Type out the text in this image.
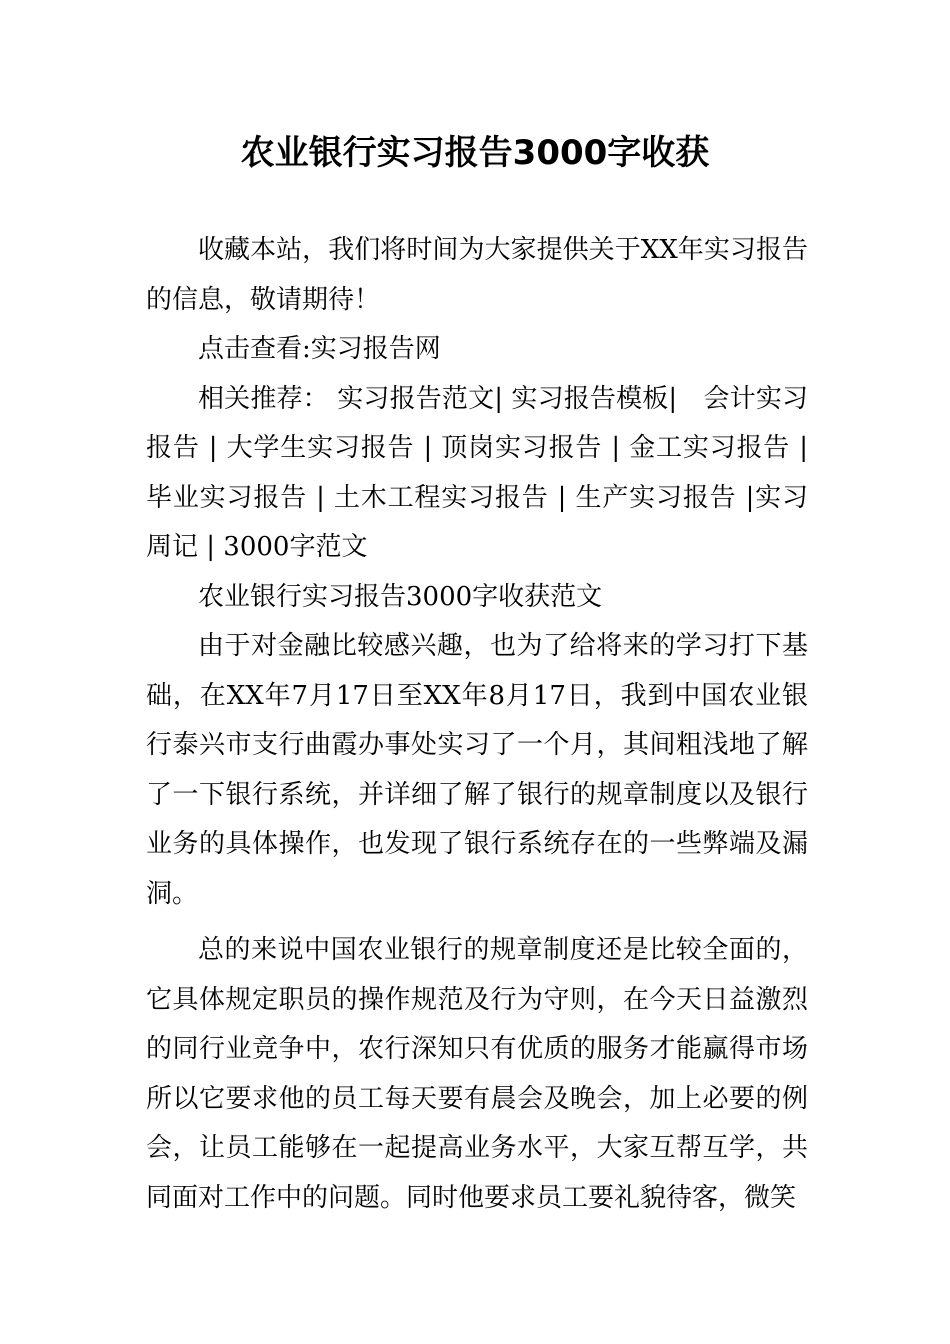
农业银行实习报告3000字收获

收藏本站，我们将时间为大家提供关于XX年实习报告的信息，敬请期待！

点击查看:实习报告网

相关推荐： 实习报告范文| 实习报告模板|　会计实习报告 | 大学生实习报告 | 顶岗实习报告 | 金工实习报告 | 毕业实习报告 | 土木工程实习报告 | 生产实习报告 |实习周记 | 3000字范文

农业银行实习报告3000字收获范文

由于对金融比较感兴趣，也为了给将来的学习打下基础，在XX年7月17日至XX年8月17日，我到中国农业银行泰兴市支行曲霞办事处实习了一个月，其间粗浅地了解了一下银行系统，并详细了解了银行的规章制度以及银行业务的具体操作，也发现了银行系统存在的一些弊端及漏洞。

总的来说中国农业银行的规章制度还是比较全面的，它具体规定职员的操作规范及行为守则，在今天日益激烈的同行业竞争中，农行深知只有优质的服务才能赢得市场所以它要求他的员工每天要有晨会及晚会，加上必要的例会，让员工能够在一起提高业务水平，大家互帮互学，共同面对工作中的问题。同时他要求员工要礼貌待客，微笑
